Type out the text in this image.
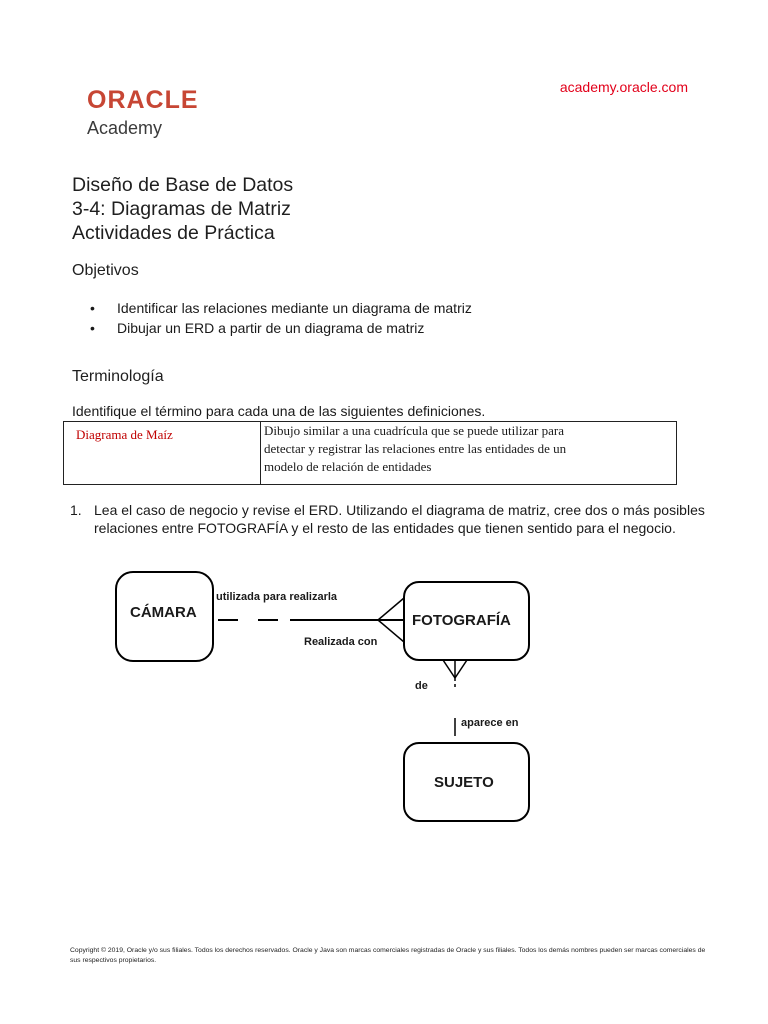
ORACLE
Academy
academy.oracle.com
Diseño de Base de Datos
3-4: Diagramas de Matriz
Actividades de Práctica
Objetivos
• Identificar las relaciones mediante un diagrama de matriz
• Dibujar un ERD a partir de un diagrama de matriz
Terminología
Identifique el término para cada una de las siguientes definiciones.
Diagrama de Maíz	Dibujo similar a una cuadrícula que se puede utilizar para
detectar y registrar las relaciones entre las entidades de un
modelo de relación de entidades
1. Lea el caso de negocio y revise el ERD. Utilizando el diagrama de matriz, cree dos o más posibles relaciones entre FOTOGRAFÍA y el resto de las entidades que tienen sentido para el negocio.
CÁMARA	FOTOGRAFÍA
SUJETO
utilizada para realizarla
Realizada con
de
aparece en
Copyright © 2019, Oracle y/o sus filiales. Todos los derechos reservados. Oracle y Java son marcas comerciales registradas de Oracle y sus filiales. Todos los demás nombres pueden ser marcas comerciales de sus respectivos propietarios.
